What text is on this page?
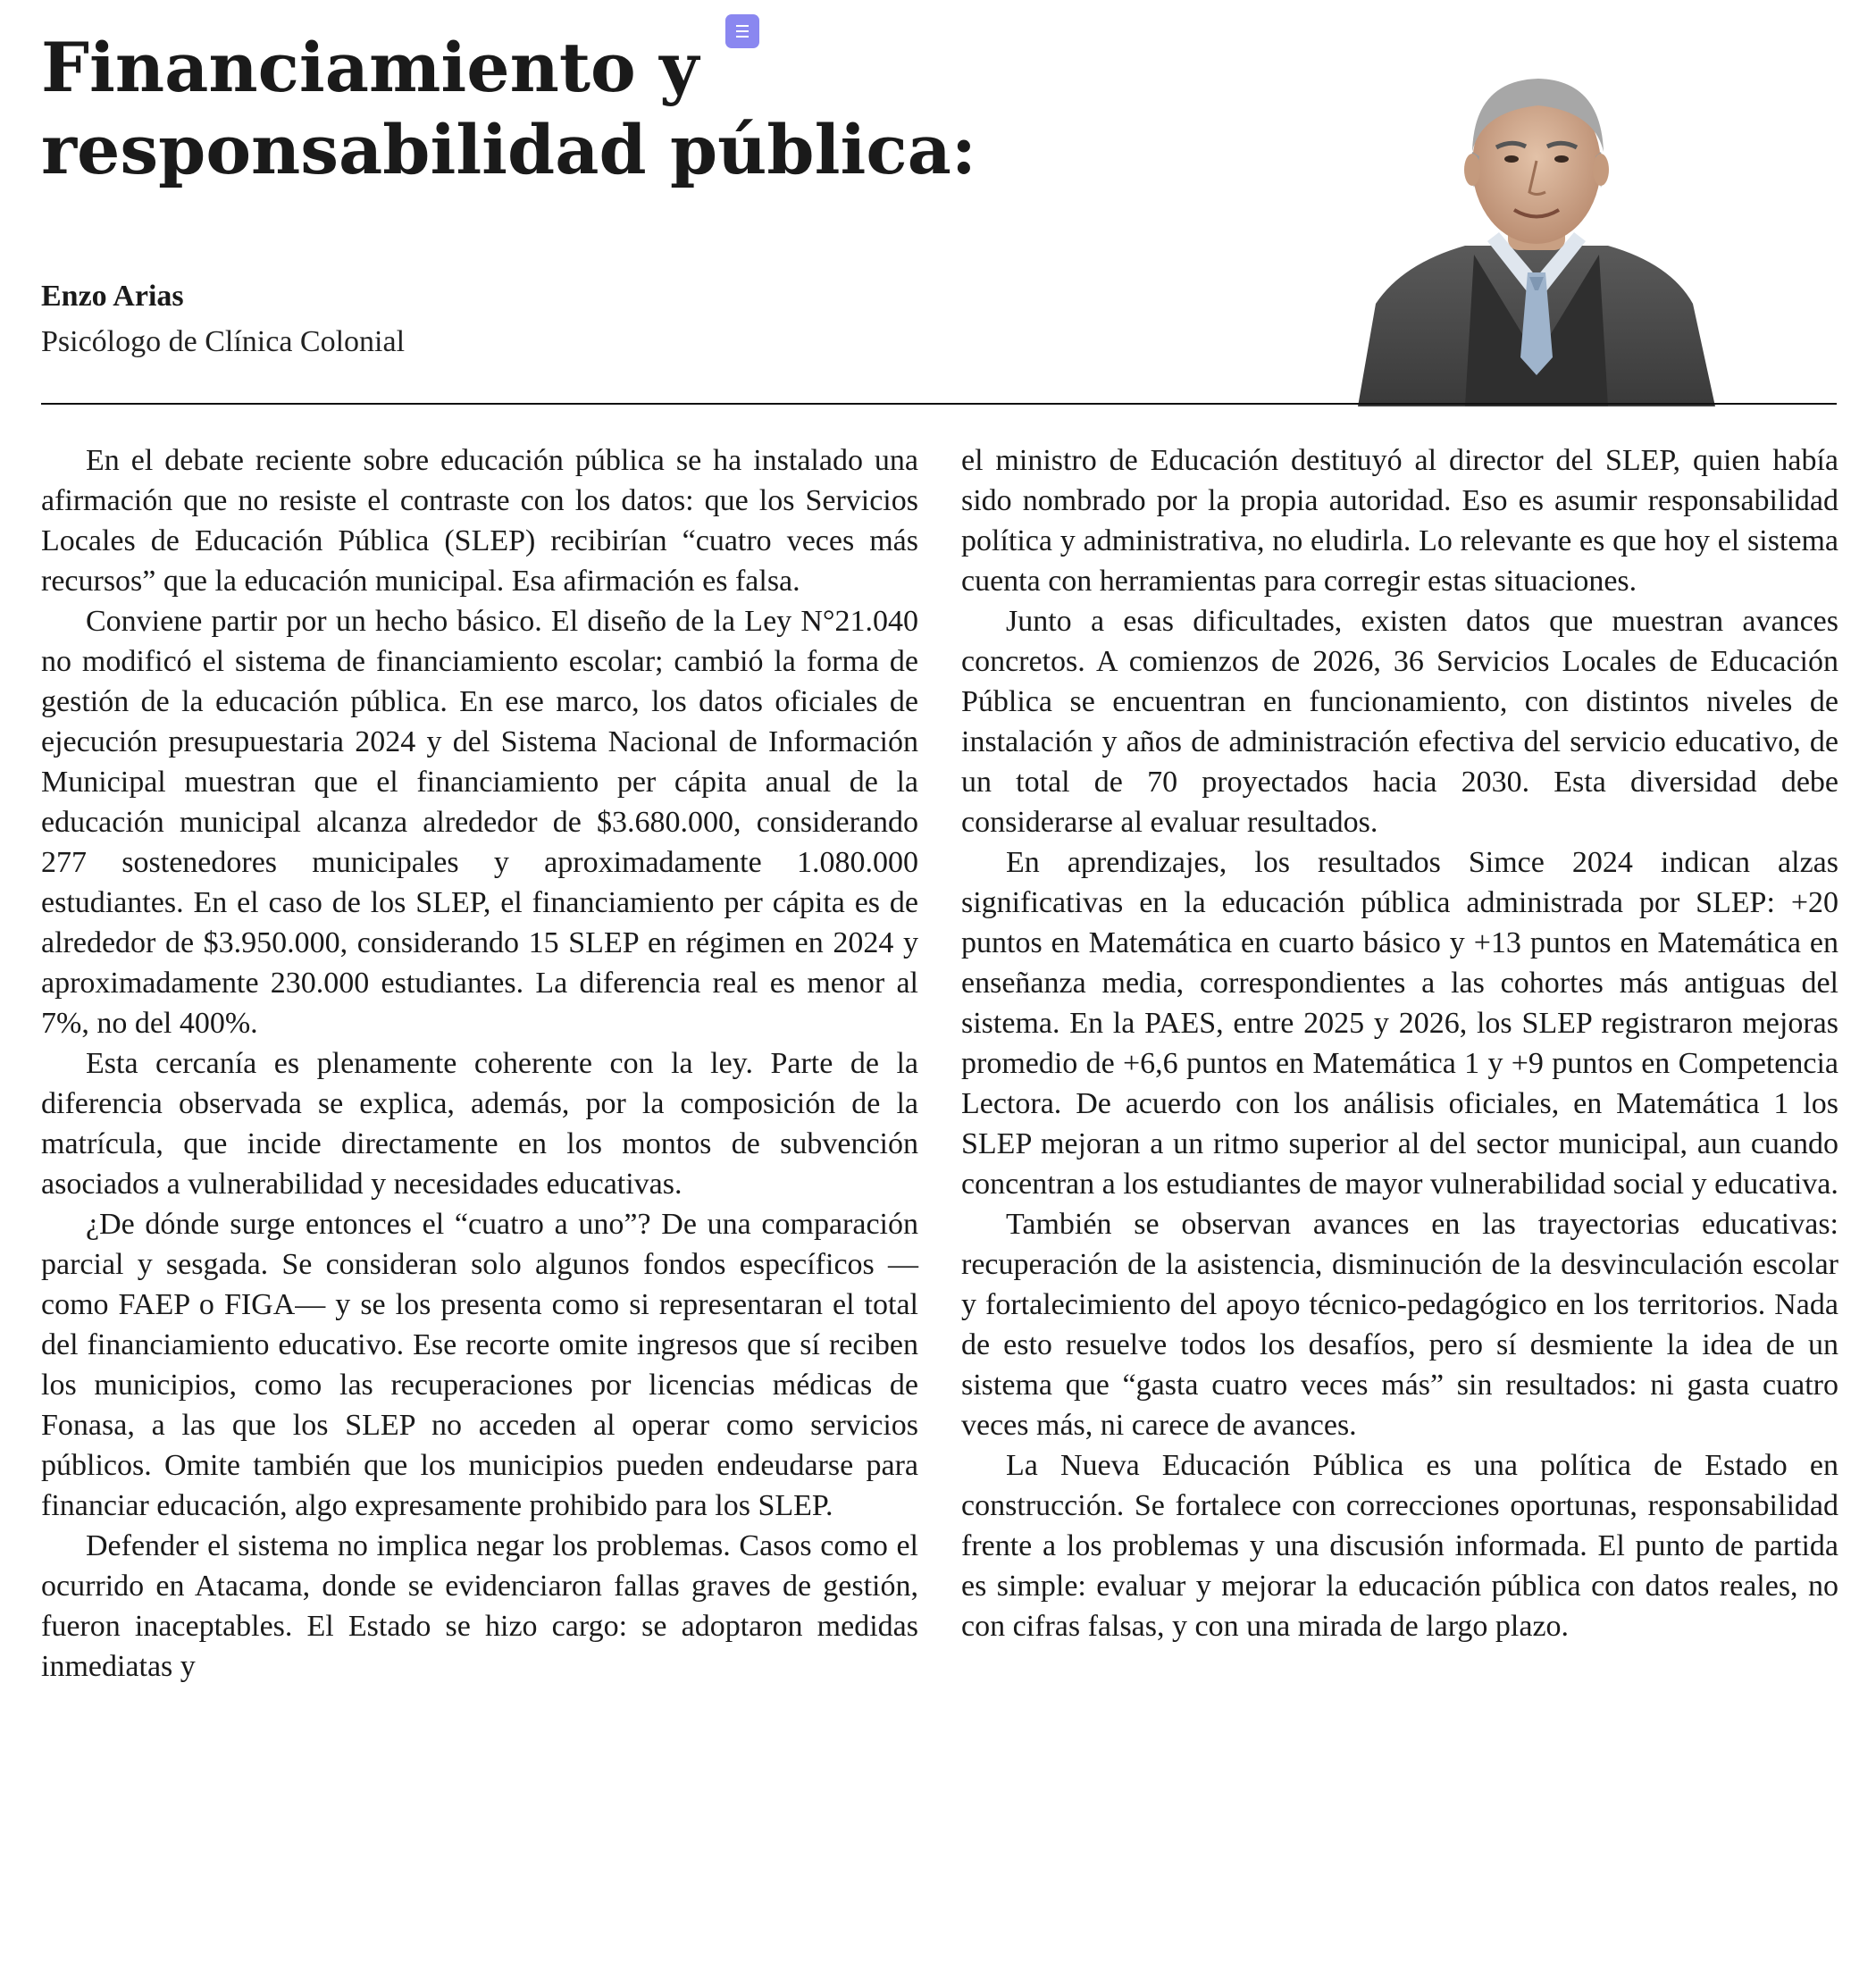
Financiamiento y responsabilidad pública:

Enzo Arias

Psicólogo de Clínica Colonial

En el debate reciente sobre educación pública se ha instalado una afirmación que no resiste el contraste con los datos: que los Servicios Locales de Educación Pública (SLEP) recibirían “cuatro veces más recursos” que la educación municipal. Esa afirmación es falsa.

Conviene partir por un hecho básico. El diseño de la Ley N°21.040 no modificó el sistema de financiamiento escolar; cambió la forma de gestión de la educación pública. En ese marco, los datos oficiales de ejecución presupuestaria 2024 y del Sistema Nacional de Información Municipal muestran que el financiamiento per cápita anual de la educación municipal alcanza alrededor de $3.680.000, considerando 277 sostenedores municipales y aproximadamente 1.080.000 estudiantes. En el caso de los SLEP, el financiamiento per cápita es de alrededor de $3.950.000, considerando 15 SLEP en régimen en 2024 y aproximadamente 230.000 estudiantes. La diferencia real es menor al 7%, no del 400%.

Esta cercanía es plenamente coherente con la ley. Parte de la diferencia observada se explica, además, por la composición de la matrícula, que incide directamente en los montos de subvención asociados a vulnerabilidad y necesidades educativas.

¿De dónde surge entonces el “cuatro a uno”? De una comparación parcial y sesgada. Se consideran solo algunos fondos específicos —como FAEP o FIGA— y se los presenta como si representaran el total del financiamiento educativo. Ese recorte omite ingresos que sí reciben los municipios, como las recuperaciones por licencias médicas de Fonasa, a las que los SLEP no acceden al operar como servicios públicos. Omite también que los municipios pueden endeudarse para financiar educación, algo expresamente prohibido para los SLEP.

Defender el sistema no implica negar los problemas. Casos como el ocurrido en Atacama, donde se evidenciaron fallas graves de gestión, fueron inaceptables. El Estado se hizo cargo: se adoptaron medidas inmediatas y

el ministro de Educación destituyó al director del SLEP, quien había sido nombrado por la propia autoridad. Eso es asumir responsabilidad política y administrativa, no eludirla. Lo relevante es que hoy el sistema cuenta con herramientas para corregir estas situaciones.

Junto a esas dificultades, existen datos que muestran avances concretos. A comienzos de 2026, 36 Servicios Locales de Educación Pública se encuentran en funcionamiento, con distintos niveles de instalación y años de administración efectiva del servicio educativo, de un total de 70 proyectados hacia 2030. Esta diversidad debe considerarse al evaluar resultados.

En aprendizajes, los resultados Simce 2024 indican alzas significativas en la educación pública administrada por SLEP: +20 puntos en Matemática en cuarto básico y +13 puntos en Matemática en enseñanza media, correspondientes a las cohortes más antiguas del sistema. En la PAES, entre 2025 y 2026, los SLEP registraron mejoras promedio de +6,6 puntos en Matemática 1 y +9 puntos en Competencia Lectora. De acuerdo con los análisis oficiales, en Matemática 1 los SLEP mejoran a un ritmo superior al del sector municipal, aun cuando concentran a los estudiantes de mayor vulnerabilidad social y educativa.

También se observan avances en las trayectorias educativas: recuperación de la asistencia, disminución de la desvinculación escolar y fortalecimiento del apoyo técnico-pedagógico en los territorios. Nada de esto resuelve todos los desafíos, pero sí desmiente la idea de un sistema que “gasta cuatro veces más” sin resultados: ni gasta cuatro veces más, ni carece de avances.

La Nueva Educación Pública es una política de Estado en construcción. Se fortalece con correcciones oportunas, responsabilidad frente a los problemas y una discusión informada. El punto de partida es simple: evaluar y mejorar la educación pública con datos reales, no con cifras falsas, y con una mirada de largo plazo.
